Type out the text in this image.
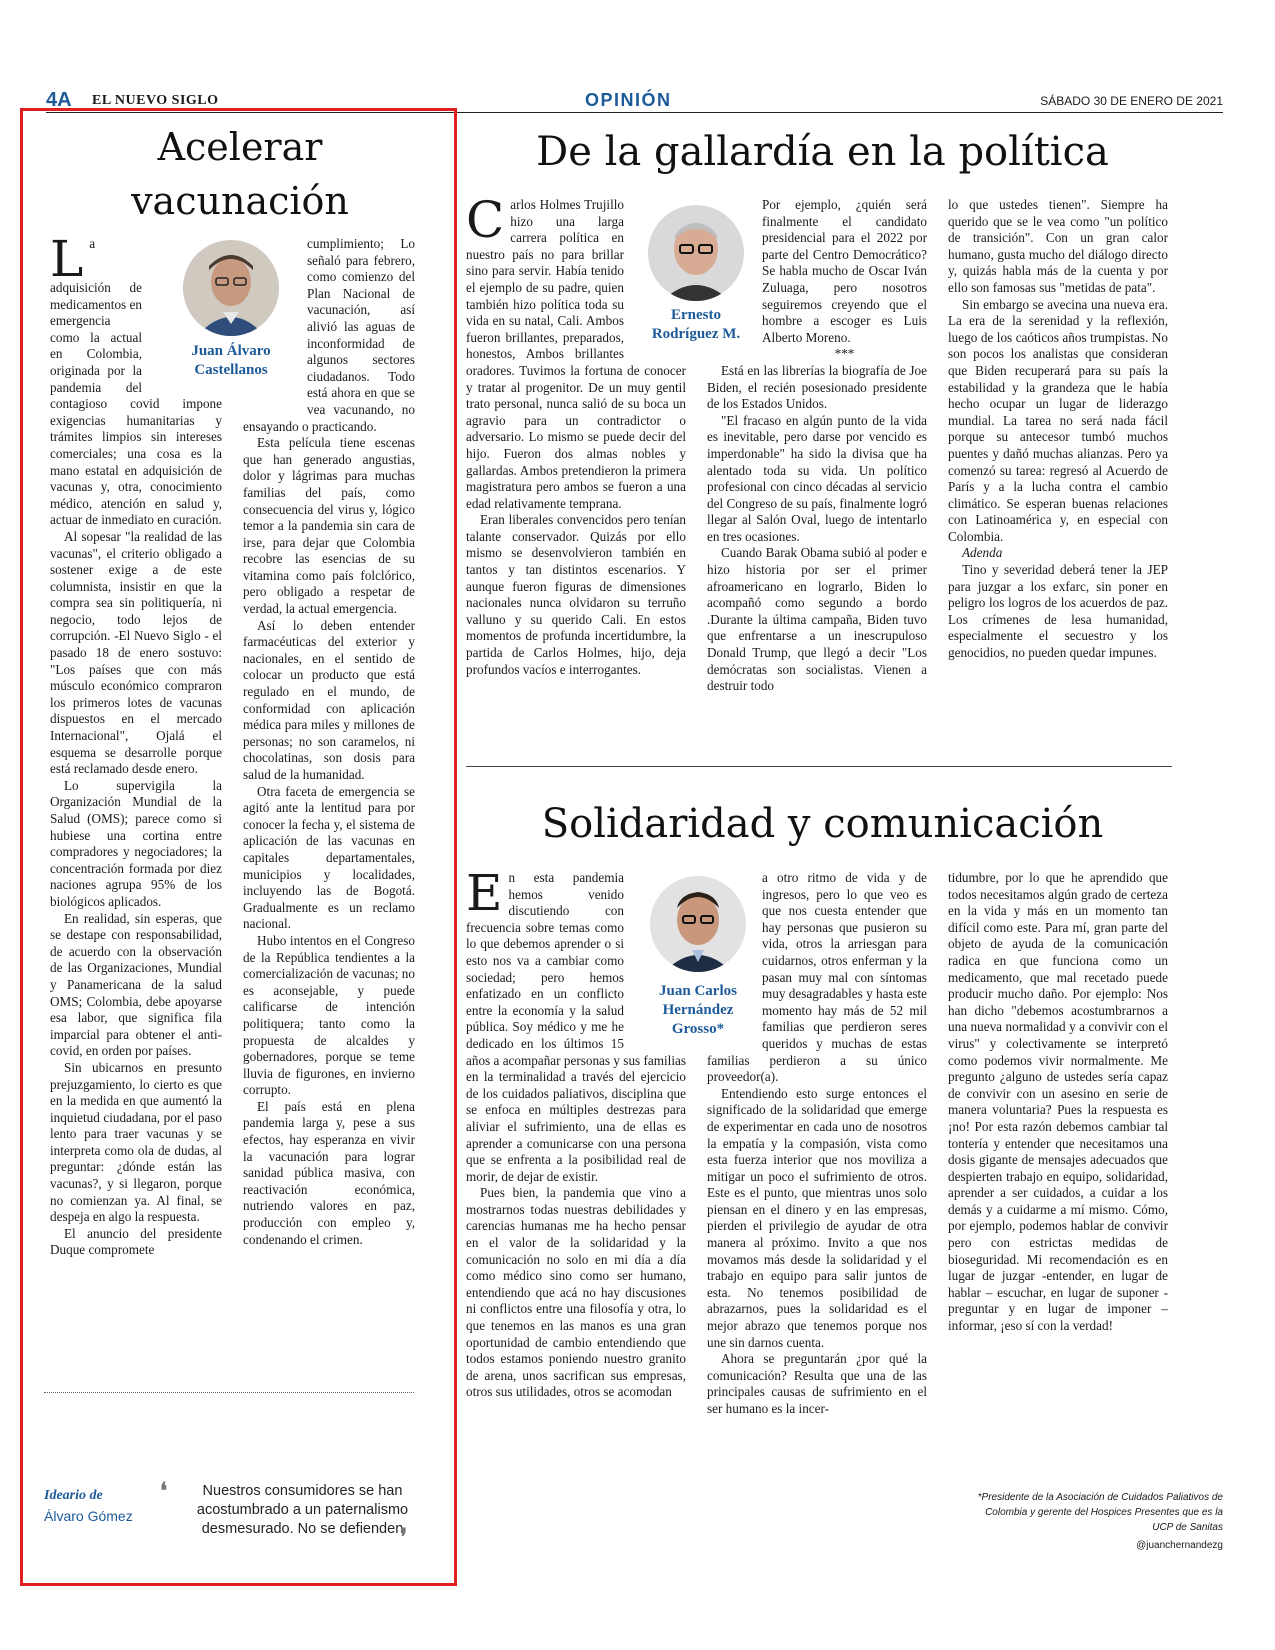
4A EL NUEVO SIGLO	OPINIÓN	SÁBADO 30 DE ENERO DE 2021
Acelerar
vacunación
Juan Álvaro
Castellanos

La adquisición de medicamentos en emergencia como la actual en Colombia, originada por la pandemia del contagioso covid impone exigencias humanitarias y trámites limpios sin intereses comerciales; una cosa es la mano estatal en adquisición de vacunas y, otra, conocimiento médico, atención en salud y, actuar de inmediato en curación.

Al sopesar "la realidad de las vacunas", el criterio obligado a sostener exige a de este columnista, insistir en que la compra sea sin politiquería, ni negocio, todo lejos de corrupción. -El Nuevo Siglo - el pasado 18 de enero sostuvo: "Los países que con más músculo económico compraron los primeros lotes de vacunas dispuestos en el mercado Internacional", Ojalá el esquema se desarrolle porque está reclamado desde enero.

Lo supervigila la Organización Mundial de la Salud (OMS); parece como si hubiese una cortina entre compradores y negociadores; la concentración formada por diez naciones agrupa 95% de los biológicos aplicados.

En realidad, sin esperas, que se destape con responsabilidad, de acuerdo con la observación de las Organizaciones, Mundial y Panamericana de la salud OMS; Colombia, debe apoyarse esa labor, que significa fila imparcial para obtener el anti-covid, en orden por países.

Sin ubicarnos en presunto prejuzgamiento, lo cierto es que en la medida en que aumentó la inquietud ciudadana, por el paso lento para traer vacunas y se interpreta como ola de dudas, al preguntar: ¿dónde están las vacunas?, y si llegaron, porque no comienzan ya. Al final, se despeja en algo la respuesta.

El anuncio del presidente Duque compromete

cumplimiento; Lo señaló para febrero, como comienzo del Plan Nacional de vacunación, así alivió las aguas de inconformidad de algunos sectores ciudadanos. Todo está ahora en que se vea vacunando, no ensayando o practicando.

Esta película tiene escenas que han generado angustias, dolor y lágrimas para muchas familias del país, como consecuencia del virus y, lógico temor a la pandemia sin cara de irse, para dejar que Colombia recobre las esencias de su vitamina como país folclórico, pero obligado a respetar de verdad, la actual emergencia.

Así lo deben entender farmacéuticas del exterior y nacionales, en el sentido de colocar un producto que está regulado en el mundo, de conformidad con aplicación médica para miles y millones de personas; no son caramelos, ni chocolatinas, son dosis para salud de la humanidad.

Otra faceta de emergencia se agitó ante la lentitud para por conocer la fecha y, el sistema de aplicación de las vacunas en capitales departamentales, municipios y localidades, incluyendo las de Bogotá. Gradualmente es un reclamo nacional.

Hubo intentos en el Congreso de la República tendientes a la comercialización de vacunas; no es aconsejable, y puede calificarse de intención politiquera; tanto como la propuesta de alcaldes y gobernadores, porque se teme lluvia de figurones, en invierno corrupto.

El país está en plena pandemia larga y, pese a sus efectos, hay esperanza en vivir la vacunación para lograr sanidad pública masiva, con reactivación económica, nutriendo valores en paz, producción con empleo y, condenando el crimen.

Ideario de
Álvaro Gómez
❛	Nuestros consumidores se han acostumbrado a un paternalismo desmesurado. No se defienden
❜
De la gallardía en la política
Ernesto
Rodríguez M.

Carlos Holmes Trujillo hizo una larga carrera política en nuestro país no para brillar sino para servir. Había tenido el ejemplo de su padre, quien también hizo política toda su vida en su natal, Cali. Ambos fueron brillantes, preparados, honestos, Ambos brillantes oradores. Tuvimos la fortuna de conocer y tratar al progenitor. De un muy gentil trato personal, nunca salió de su boca un agravio para un contradictor o adversario. Lo mismo se puede decir del hijo. Fueron dos almas nobles y gallardas. Ambos pretendieron la primera magistratura pero ambos se fueron a una edad relativamente temprana.

Eran liberales convencidos pero tenían talante conservador. Quizás por ello mismo se desenvolvieron también en tantos y tan distintos escenarios. Y aunque fueron figuras de dimensiones nacionales nunca olvidaron su terruño valluno y su querido Cali. En estos momentos de profunda incertidumbre, la partida de Carlos Holmes, hijo, deja profundos vacíos e interrogantes.

Por ejemplo, ¿quién será finalmente el candidato presidencial para el 2022 por parte del Centro Democrático? Se habla mucho de Oscar Iván Zuluaga, pero nosotros seguiremos creyendo que el hombre a escoger es Luis Alberto Moreno.

***

Está en las librerías la biografía de Joe Biden, el recién posesionado presidente de los Estados Unidos.

"El fracaso en algún punto de la vida es inevitable, pero darse por vencido es imperdonable" ha sido la divisa que ha alentado toda su vida. Un político profesional con cinco décadas al servicio del Congreso de su país, finalmente logró llegar al Salón Oval, luego de intentarlo en tres ocasiones.

Cuando Barak Obama subió al poder e hizo historia por ser el primer afroamericano en lograrlo, Biden lo acompañó como segundo a bordo .Durante la última campaña, Biden tuvo que enfrentarse a un inescrupuloso Donald Trump, que llegó a decir "Los demócratas son socialistas. Vienen a destruir todo

lo que ustedes tienen". Siempre ha querido que se le vea como "un político de transición". Con un gran calor humano, gusta mucho del diálogo directo y, quizás habla más de la cuenta y por ello son famosas sus "metidas de pata".

Sin embargo se avecina una nueva era. La era de la serenidad y la reflexión, luego de los caóticos años trumpistas. No son pocos los analistas que consideran que Biden recuperará para su país la estabilidad y la grandeza que le había hecho ocupar un lugar de liderazgo mundial. La tarea no será nada fácil porque su antecesor tumbó muchos puentes y dañó muchas alianzas. Pero ya comenzó su tarea: regresó al Acuerdo de París y a la lucha contra el cambio climático. Se esperan buenas relaciones con Latinoamérica y, en especial con Colombia.

Adenda

Tino y severidad deberá tener la JEP para juzgar a los exfarc, sin poner en peligro los logros de los acuerdos de paz. Los crímenes de lesa humanidad, especialmente el secuestro y los genocidios, no pueden quedar impunes.

Solidaridad y comunicación
Juan Carlos
Hernández
Grosso*

En esta pandemia hemos venido discutiendo con frecuencia sobre temas como lo que debemos aprender o si esto nos va a cambiar como sociedad; pero hemos enfatizado en un conflicto entre la economía y la salud pública. Soy médico y me he dedicado en los últimos 15 años a acompañar personas y sus familias en la terminalidad a través del ejercicio de los cuidados paliativos, disciplina que se enfoca en múltiples destrezas para aliviar el sufrimiento, una de ellas es aprender a comunicarse con una persona que se enfrenta a la posibilidad real de morir, de dejar de existir.

Pues bien, la pandemia que vino a mostrarnos todas nuestras debilidades y carencias humanas me ha hecho pensar en el valor de la solidaridad y la comunicación no solo en mi día a día como médico sino como ser humano, entendiendo que acá no hay discusiones ni conflictos entre una filosofía y otra, lo que tenemos en las manos es una gran oportunidad de cambio entendiendo que todos estamos poniendo nuestro granito de arena, unos sacrifican sus empresas, otros sus utilidades, otros se acomodan

a otro ritmo de vida y de ingresos, pero lo que veo es que nos cuesta entender que hay personas que pusieron su vida, otros la arriesgan para cuidarnos, otros enferman y la pasan muy mal con síntomas muy desagradables y hasta este momento hay más de 52 mil familias que perdieron seres queridos y muchas de estas familias perdieron a su único proveedor(a).

Entendiendo esto surge entonces el significado de la solidaridad que emerge de experimentar en cada uno de nosotros la empatía y la compasión, vista como esta fuerza interior que nos moviliza a mitigar un poco el sufrimiento de otros. Este es el punto, que mientras unos solo piensan en el dinero y en las empresas, pierden el privilegio de ayudar de otra manera al próximo. Invito a que nos movamos más desde la solidaridad y el trabajo en equipo para salir juntos de esta. No tenemos posibilidad de abrazarnos, pues la solidaridad es el mejor abrazo que tenemos porque nos une sin darnos cuenta.

Ahora se preguntarán ¿por qué la comunicación? Resulta que una de las principales causas de sufrimiento en el ser humano es la incer-

tidumbre, por lo que he aprendido que todos necesitamos algún grado de certeza en la vida y más en un momento tan difícil como este. Para mí, gran parte del objeto de ayuda de la comunicación radica en que funciona como un medicamento, que mal recetado puede producir mucho daño. Por ejemplo: Nos han dicho "debemos acostumbrarnos a una nueva normalidad y a convivir con el virus" y colectivamente se interpretó como podemos vivir normalmente. Me pregunto ¿alguno de ustedes sería capaz de convivir con un asesino en serie de manera voluntaria? Pues la respuesta es ¡no! Por esta razón debemos cambiar tal tontería y entender que necesitamos una dosis gigante de mensajes adecuados que despierten trabajo en equipo, solidaridad, aprender a ser cuidados, a cuidar a los demás y a cuidarme a mí mismo. Cómo, por ejemplo, podemos hablar de convivir pero con estrictas medidas de bioseguridad. Mi recomendación es en lugar de juzgar -entender, en lugar de hablar – escuchar, en lugar de suponer -preguntar y en lugar de imponer – informar, ¡eso sí con la verdad!

*Presidente de la Asociación de Cuidados Paliativos de Colombia y gerente del Hospices Presentes que es la UCP de Sanitas
@juanchernandezg
